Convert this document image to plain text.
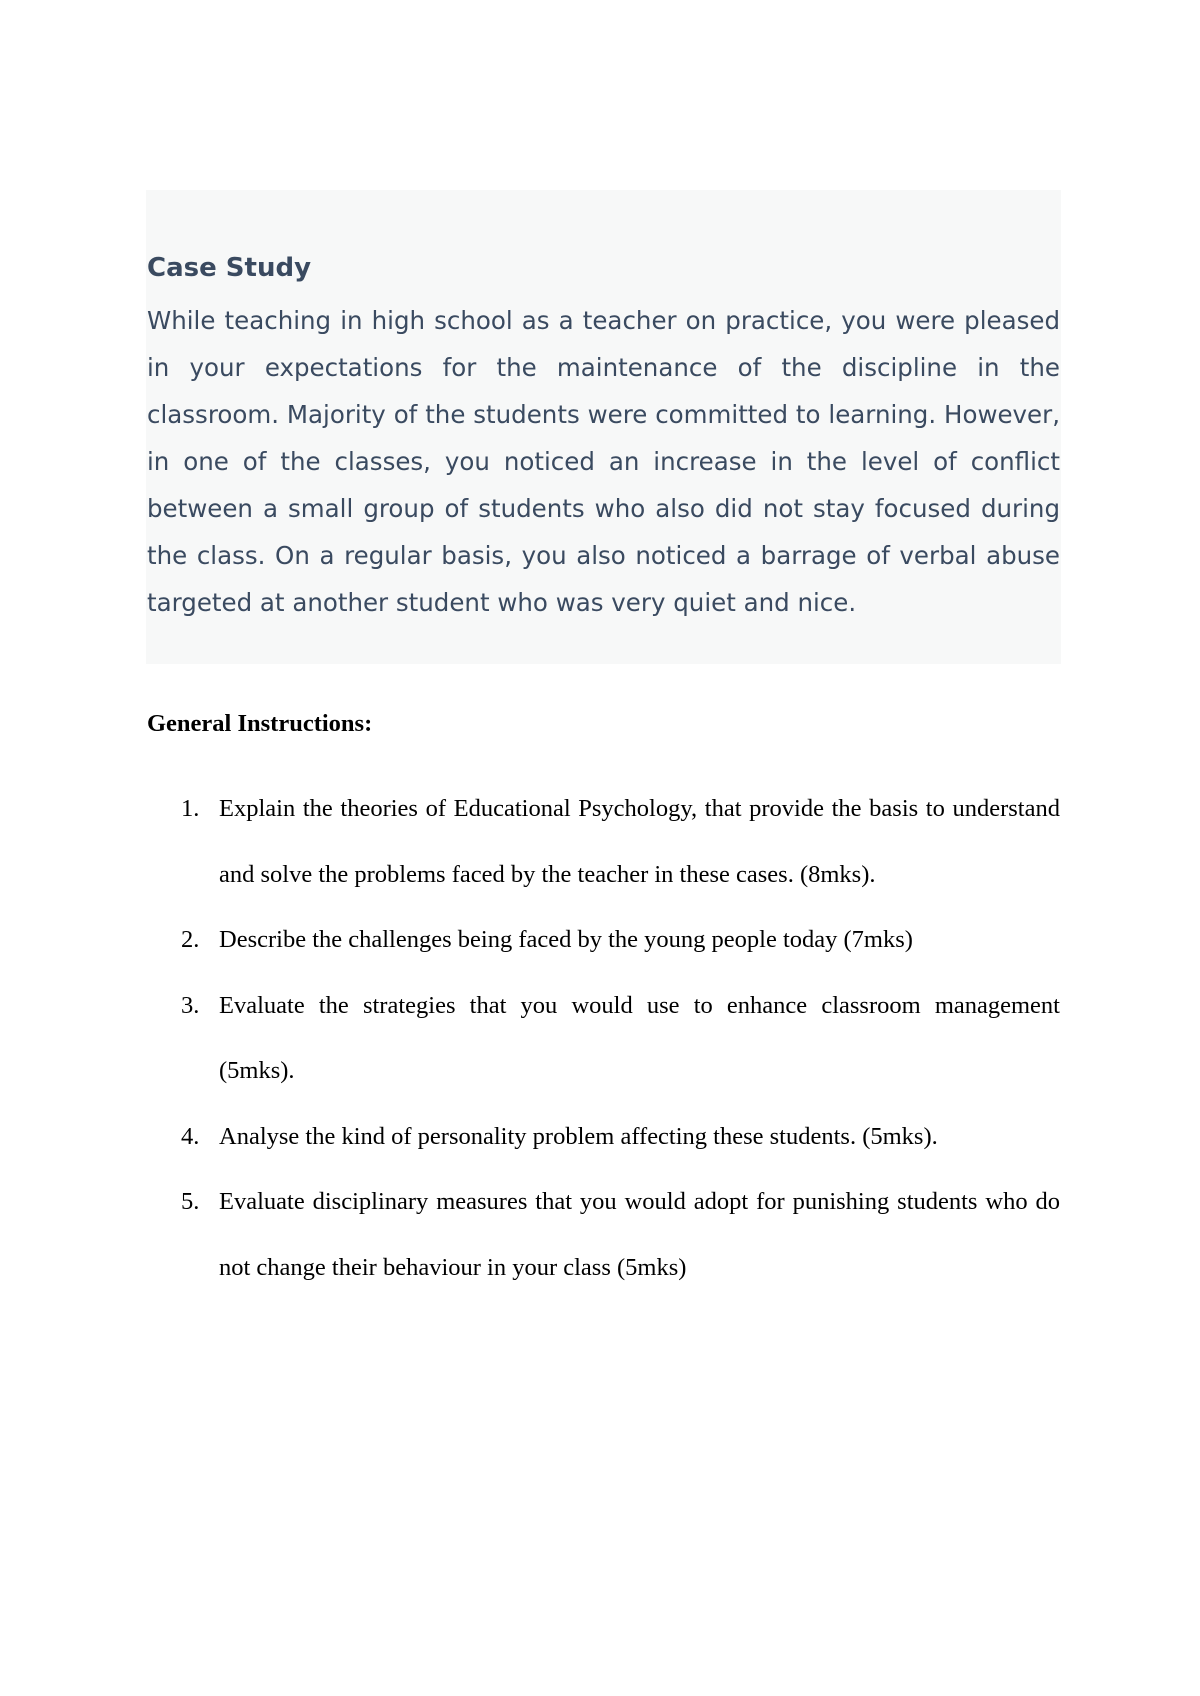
Case Study
While teaching in high school as a teacher on practice, you were pleased in your expectations for the maintenance of the discipline in the classroom. Majority of the students were committed to learning. However, in one of the classes, you noticed an increase in the level of conflict between a small group of students who also did not stay focused during the class. On a regular basis, you also noticed a barrage of verbal abuse targeted at another student who was very quiet and nice.
General Instructions:
1. Explain the theories of Educational Psychology, that provide the basis to understand and solve the problems faced by the teacher in these cases. (8mks).
2. Describe the challenges being faced by the young people today (7mks)
3. Evaluate the strategies that you would use to enhance classroom management (5mks).
4. Analyse the kind of personality problem affecting these students. (5mks).
5. Evaluate disciplinary measures that you would adopt for punishing students who do not change their behaviour in your class (5mks)
